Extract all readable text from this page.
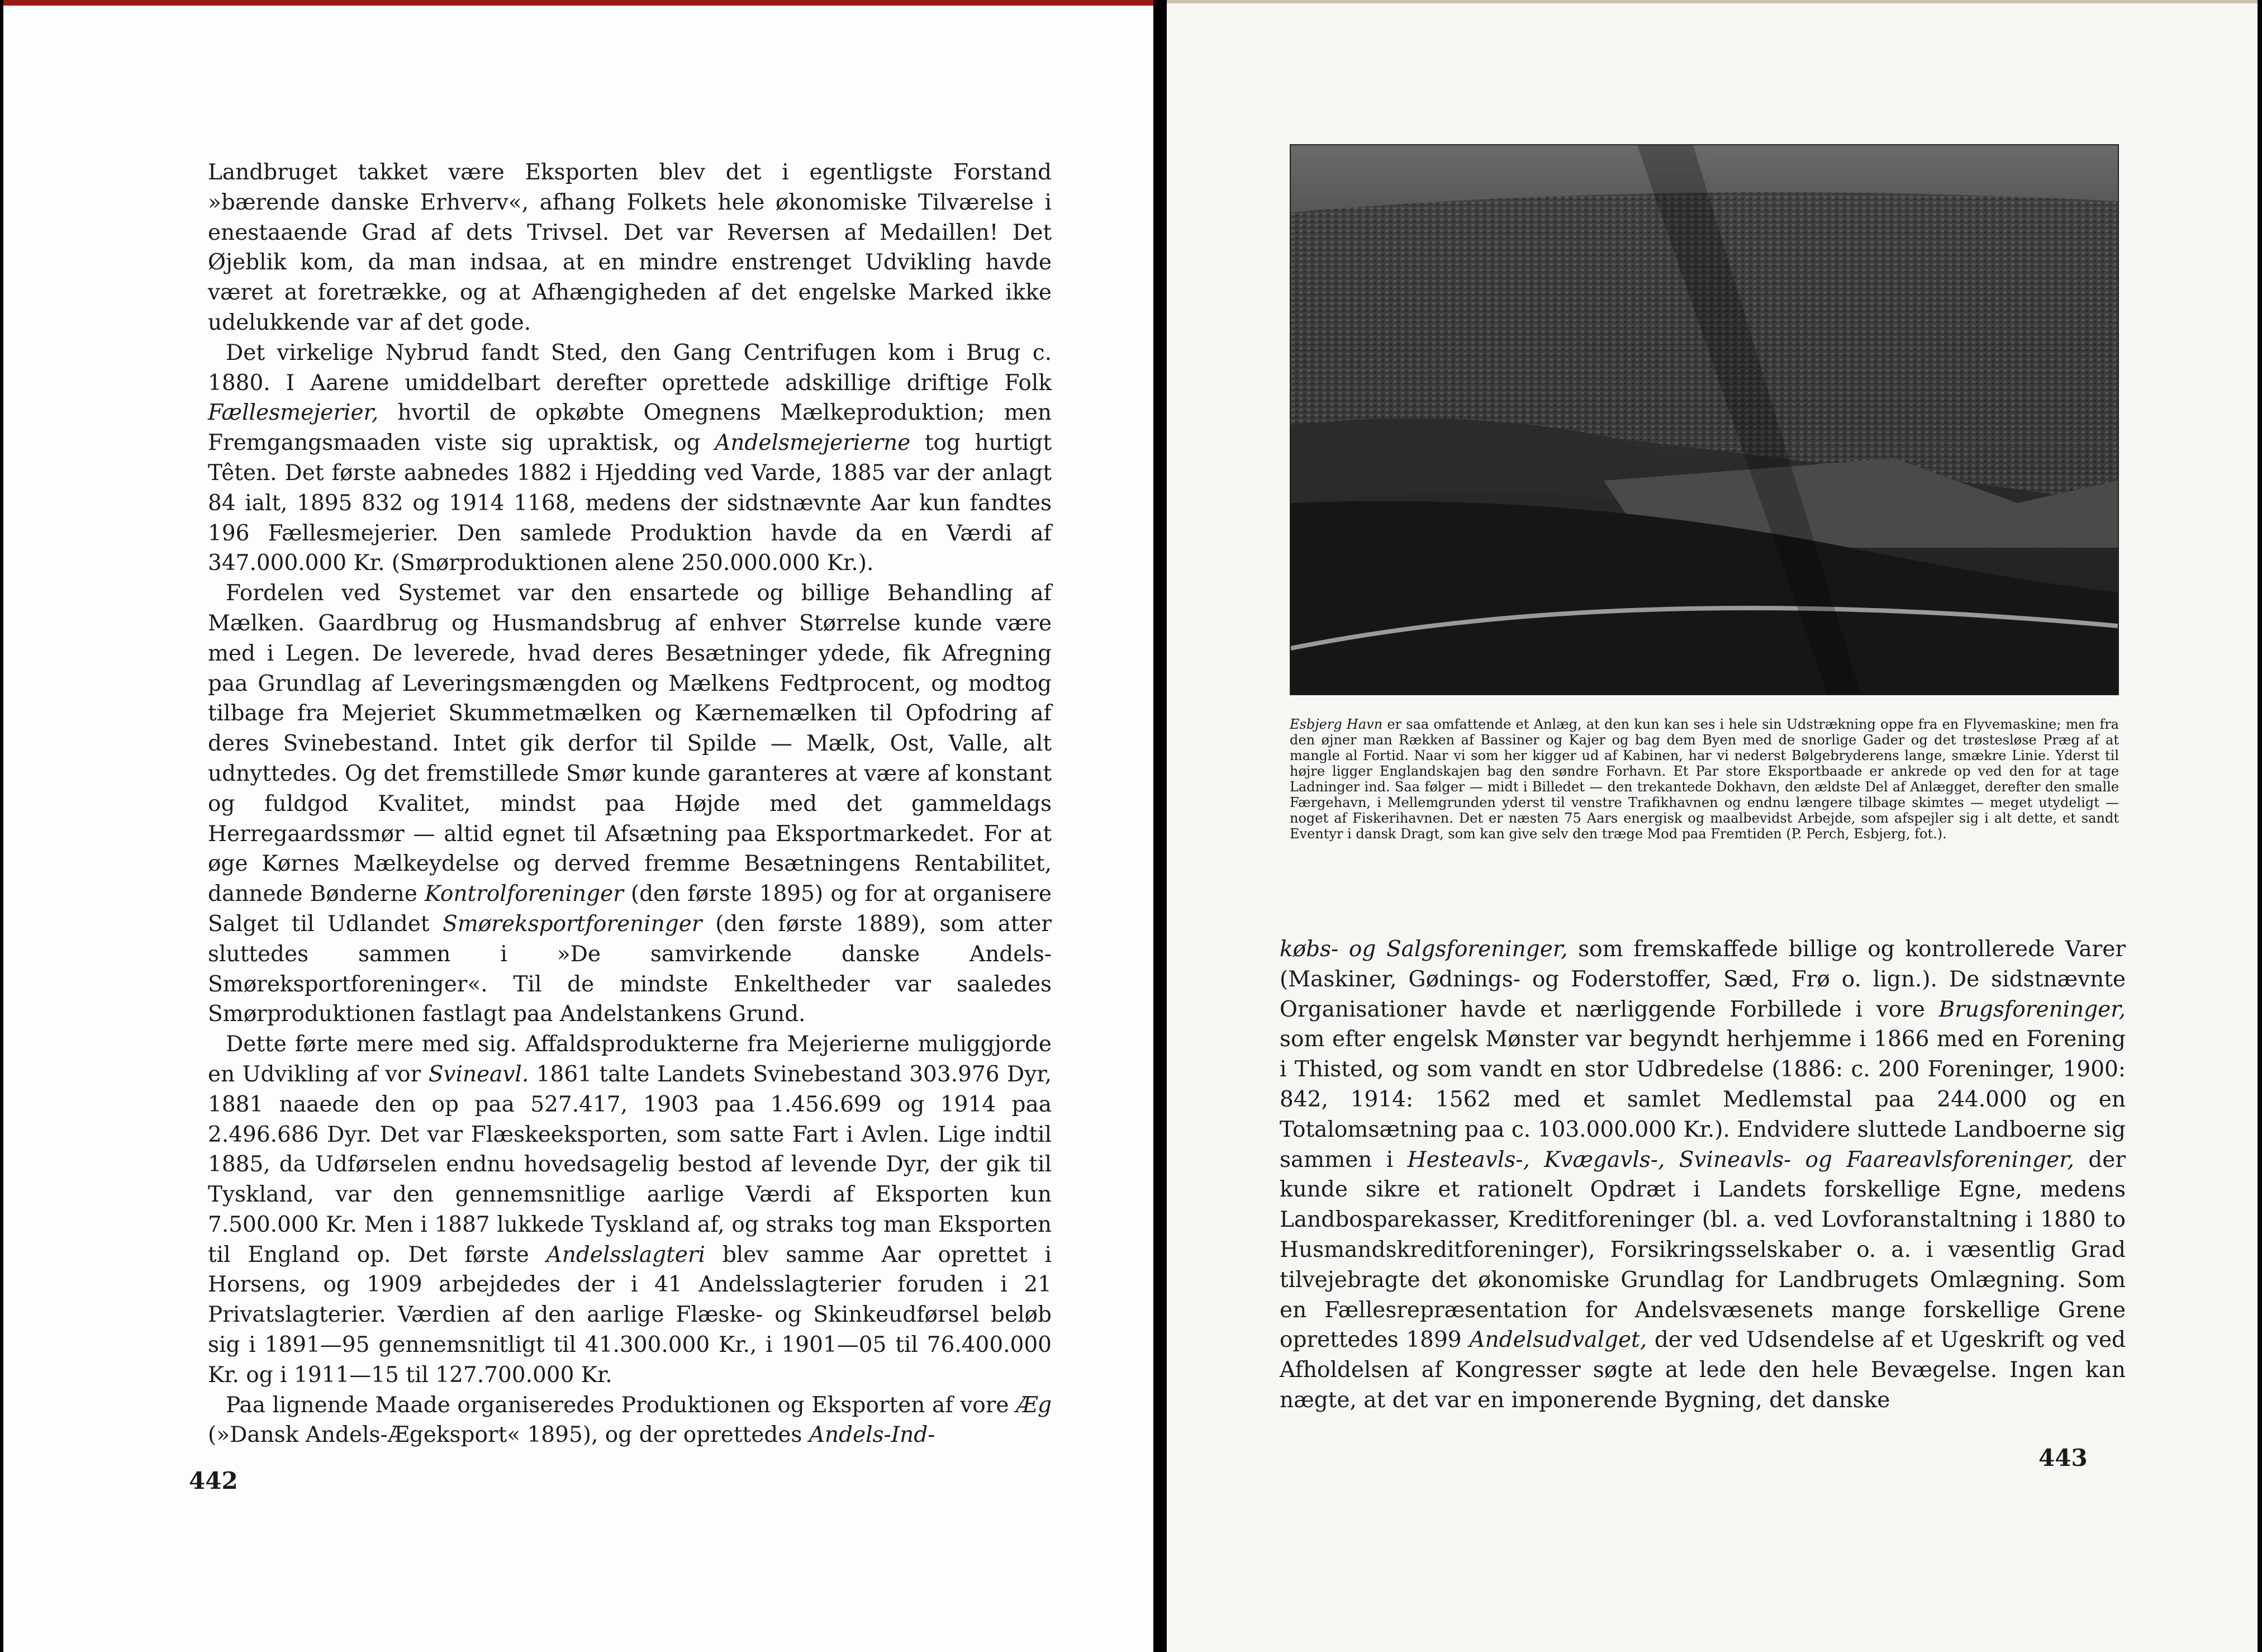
Landbruget takket være Eksporten blev det i egentligste Forstand »bærende danske Erhverv«, afhang Folkets hele økonomiske Tilværelse i enestaaende Grad af dets Trivsel. Det var Reversen af Medaillen! Det Øjeblik kom, da man indsaa, at en mindre enstrenget Udvikling havde været at foretrække, og at Afhængigheden af det engelske Marked ikke udelukkende var af det gode.

Det virkelige Nybrud fandt Sted, den Gang Centrifugen kom i Brug c. 1880. I Aarene umiddelbart derefter oprettede adskillige driftige Folk Fællesmejerier, hvortil de opkøbte Omegnens Mælkeproduktion; men Fremgangsmaaden viste sig upraktisk, og Andelsmejerierne tog hurtigt Têten. Det første aabnedes 1882 i Hjedding ved Varde, 1885 var der anlagt 84 ialt, 1895 832 og 1914 1168, medens der sidstnævnte Aar kun fandtes 196 Fællesmejerier. Den samlede Produktion havde da en Værdi af 347.000.000 Kr. (Smørproduktionen alene 250.000.000 Kr.).

Fordelen ved Systemet var den ensartede og billige Behandling af Mælken. Gaardbrug og Husmandsbrug af enhver Størrelse kunde være med i Legen. De leverede, hvad deres Besætninger ydede, fik Afregning paa Grundlag af Leveringsmængden og Mælkens Fedtprocent, og modtog tilbage fra Mejeriet Skummetmælken og Kærnemælken til Opfodring af deres Svinebestand. Intet gik derfor til Spilde — Mælk, Ost, Valle, alt udnyttedes. Og det fremstillede Smør kunde garanteres at være af konstant og fuldgod Kvalitet, mindst paa Højde med det gammeldags Herregaardssmør — altid egnet til Afsætning paa Eksportmarkedet. For at øge Kørnes Mælkeydelse og derved fremme Besætningens Rentabilitet, dannede Bønderne Kontrolforeninger (den første 1895) og for at organisere Salget til Udlandet Smøreksportforeninger (den første 1889), som atter sluttedes sammen i »De samvirkende danske Andels-Smøreksportforeninger«. Til de mindste Enkeltheder var saaledes Smørproduktionen fastlagt paa Andelstankens Grund.

Dette førte mere med sig. Affaldsprodukterne fra Mejerierne muliggjorde en Udvikling af vor Svineavl. 1861 talte Landets Svinebestand 303.976 Dyr, 1881 naaede den op paa 527.417, 1903 paa 1.456.699 og 1914 paa 2.496.686 Dyr. Det var Flæskeeksporten, som satte Fart i Avlen. Lige indtil 1885, da Udførselen endnu hovedsagelig bestod af levende Dyr, der gik til Tyskland, var den gennemsnitlige aarlige Værdi af Eksporten kun 7.500.000 Kr. Men i 1887 lukkede Tyskland af, og straks tog man Eksporten til England op. Det første Andelsslagteri blev samme Aar oprettet i Horsens, og 1909 arbejdedes der i 41 Andelsslagterier foruden i 21 Privatslagterier. Værdien af den aarlige Flæske- og Skinkeudførsel beløb sig i 1891—95 gennemsnitligt til 41.300.000 Kr., i 1901—05 til 76.400.000 Kr. og i 1911—15 til 127.700.000 Kr.

Paa lignende Maade organiseredes Produktionen og Eksporten af vore Æg (»Dansk Andels-Ægeksport« 1895), og der oprettedes Andels-Ind-

442
Esbjerg Havn er saa omfattende et Anlæg, at den kun kan ses i hele sin Udstrækning oppe fra en Flyvemaskine; men fra den øjner man Rækken af Bassiner og Kajer og bag dem Byen med de snorlige Gader og det trøstesløse Præg af at mangle al Fortid. Naar vi som her kigger ud af Kabinen, har vi nederst Bølgebryderens lange, smækre Linie. Yderst til højre ligger Englandskajen bag den søndre Forhavn. Et Par store Eksportbaade er ankrede op ved den for at tage Ladninger ind. Saa følger — midt i Billedet — den trekantede Dokhavn, den ældste Del af Anlægget, derefter den smalle Færgehavn, i Mellemgrunden yderst til venstre Trafikhavnen og endnu længere tilbage skimtes — meget utydeligt — noget af Fiskerihavnen. Det er næsten 75 Aars energisk og maalbevidst Arbejde, som afspejler sig i alt dette, et sandt Eventyr i dansk Dragt, som kan give selv den træge Mod paa Fremtiden (P. Perch, Esbjerg, fot.).

købs- og Salgsforeninger, som fremskaffede billige og kontrollerede Varer (Maskiner, Gødnings- og Foderstoffer, Sæd, Frø o. lign.). De sidstnævnte Organisationer havde et nærliggende Forbillede i vore Brugsforeninger, som efter engelsk Mønster var begyndt herhjemme i 1866 med en Forening i Thisted, og som vandt en stor Udbredelse (1886: c. 200 Foreninger, 1900: 842, 1914: 1562 med et samlet Medlemstal paa 244.000 og en Totalomsætning paa c. 103.000.000 Kr.). Endvidere sluttede Landboerne sig sammen i Hesteavls-, Kvægavls-, Svineavls- og Faareavlsforeninger, der kunde sikre et rationelt Opdræt i Landets forskellige Egne, medens Landbosparekasser, Kreditforeninger (bl. a. ved Lovforanstaltning i 1880 to Husmandskreditforeninger), Forsikringsselskaber o. a. i væsentlig Grad tilvejebragte det økonomiske Grundlag for Landbrugets Omlægning. Som en Fællesrepræsentation for Andelsvæsenets mange forskellige Grene oprettedes 1899 Andelsudvalget, der ved Udsendelse af et Ugeskrift og ved Afholdelsen af Kongresser søgte at lede den hele Bevægelse. Ingen kan nægte, at det var en imponerende Bygning, det danske

443
